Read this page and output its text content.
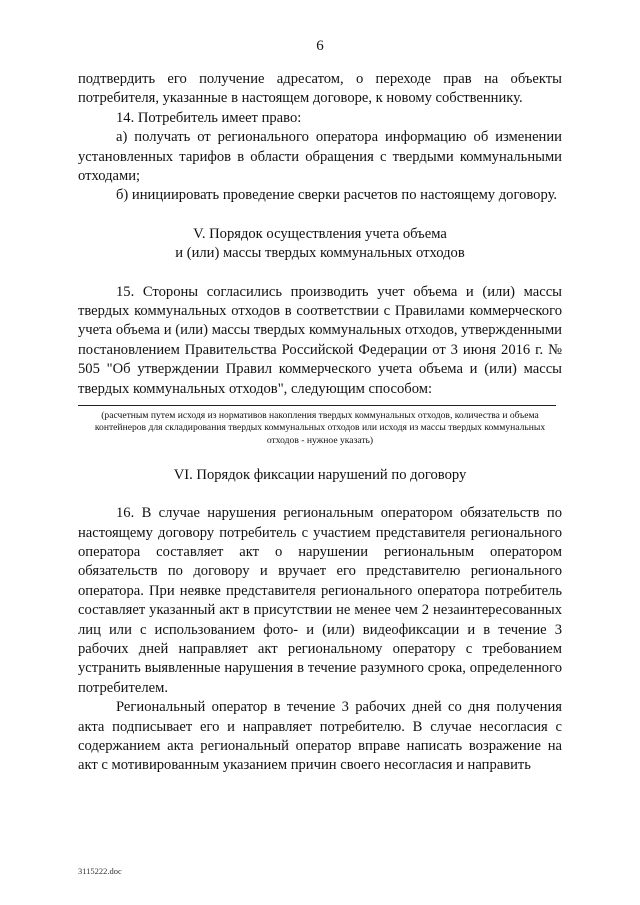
6

подтвердить его получение адресатом, о переходе прав на объекты потребителя, указанные в настоящем договоре, к новому собственнику.

14. Потребитель имеет право:

а) получать от регионального оператора информацию об изменении установленных тарифов в области обращения с твердыми коммунальными отходами;

б) инициировать проведение сверки расчетов по настоящему договору.

V. Порядок осуществления учета объема

и (или) массы твердых коммунальных отходов

15. Стороны согласились производить учет объема и (или) массы твердых коммунальных отходов в соответствии с Правилами коммерческого учета объема и (или) массы твердых коммунальных отходов, утвержденными постановлением Правительства Российской Федерации от 3 июня 2016 г. № 505 "Об утверждении Правил коммерческого учета объема и (или) массы твердых коммунальных отходов", следующим способом:

(расчетным путем исходя из нормативов накопления твердых коммунальных отходов, количества и объема контейнеров для складирования твердых коммунальных отходов или исходя из массы твердых коммунальных отходов - нужное указать)

VI. Порядок фиксации нарушений по договору

16. В случае нарушения региональным оператором обязательств по настоящему договору потребитель с участием представителя регионального оператора составляет акт о нарушении региональным оператором обязательств по договору и вручает его представителю регионального оператора. При неявке представителя регионального оператора потребитель составляет указанный акт в присутствии не менее чем 2 незаинтересованных лиц или с использованием фото- и (или) видеофиксации и в течение 3 рабочих дней направляет акт региональному оператору с требованием устранить выявленные нарушения в течение разумного срока, определенного потребителем.

Региональный оператор в течение 3 рабочих дней со дня получения акта подписывает его и направляет потребителю. В случае несогласия с содержанием акта региональный оператор вправе написать возражение на акт с мотивированным указанием причин своего несогласия и направить

3115222.doc
